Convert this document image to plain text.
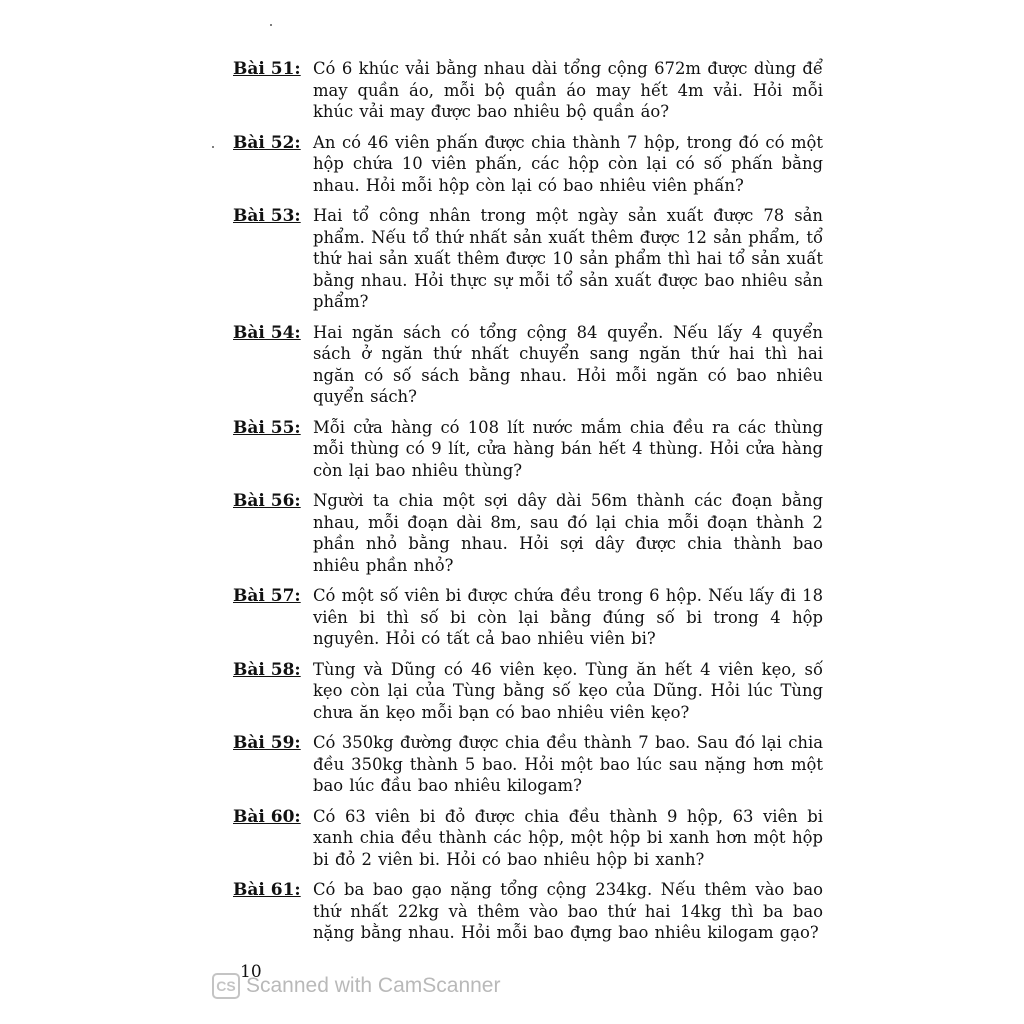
Bài 51: Có 6 khúc vải bằng nhau dài tổng cộng 672m được dùng để may quần áo, mỗi bộ quần áo may hết 4m vải. Hỏi mỗi khúc vải may được bao nhiêu bộ quần áo?
Bài 52: An có 46 viên phấn được chia thành 7 hộp, trong đó có một hộp chứa 10 viên phấn, các hộp còn lại có số phấn bằng nhau. Hỏi mỗi hộp còn lại có bao nhiêu viên phấn?
Bài 53: Hai tổ công nhân trong một ngày sản xuất được 78 sản phẩm. Nếu tổ thứ nhất sản xuất thêm được 12 sản phẩm, tổ thứ hai sản xuất thêm được 10 sản phẩm thì hai tổ sản xuất bằng nhau. Hỏi thực sự mỗi tổ sản xuất được bao nhiêu sản phẩm?
Bài 54: Hai ngăn sách có tổng cộng 84 quyển. Nếu lấy 4 quyển sách ở ngăn thứ nhất chuyển sang ngăn thứ hai thì hai ngăn có số sách bằng nhau. Hỏi mỗi ngăn có bao nhiêu quyển sách?
Bài 55: Mỗi cửa hàng có 108 lít nước mắm chia đều ra các thùng mỗi thùng có 9 lít, cửa hàng bán hết 4 thùng. Hỏi cửa hàng còn lại bao nhiêu thùng?
Bài 56: Người ta chia một sợi dây dài 56m thành các đoạn bằng nhau, mỗi đoạn dài 8m, sau đó lại chia mỗi đoạn thành 2 phần nhỏ bằng nhau. Hỏi sợi dây được chia thành bao nhiêu phần nhỏ?
Bài 57: Có một số viên bi được chứa đều trong 6 hộp. Nếu lấy đi 18 viên bi thì số bi còn lại bằng đúng số bi trong 4 hộp nguyên. Hỏi có tất cả bao nhiêu viên bi?
Bài 58: Tùng và Dũng có 46 viên kẹo. Tùng ăn hết 4 viên kẹo, số kẹo còn lại của Tùng bằng số kẹo của Dũng. Hỏi lúc Tùng chưa ăn kẹo mỗi bạn có bao nhiêu viên kẹo?
Bài 59: Có 350kg đường được chia đều thành 7 bao. Sau đó lại chia đều 350kg thành 5 bao. Hỏi một bao lúc sau nặng hơn một bao lúc đầu bao nhiêu kilogam?
Bài 60: Có 63 viên bi đỏ được chia đều thành 9 hộp, 63 viên bi xanh chia đều thành các hộp, một hộp bi xanh hơn một hộp bi đỏ 2 viên bi. Hỏi có bao nhiêu hộp bi xanh?
Bài 61: Có ba bao gạo nặng tổng cộng 234kg. Nếu thêm vào bao thứ nhất 22kg và thêm vào bao thứ hai 14kg thì ba bao nặng bằng nhau. Hỏi mỗi bao đựng bao nhiêu kilogam gạo?
10
CS Scanned with CamScanner
